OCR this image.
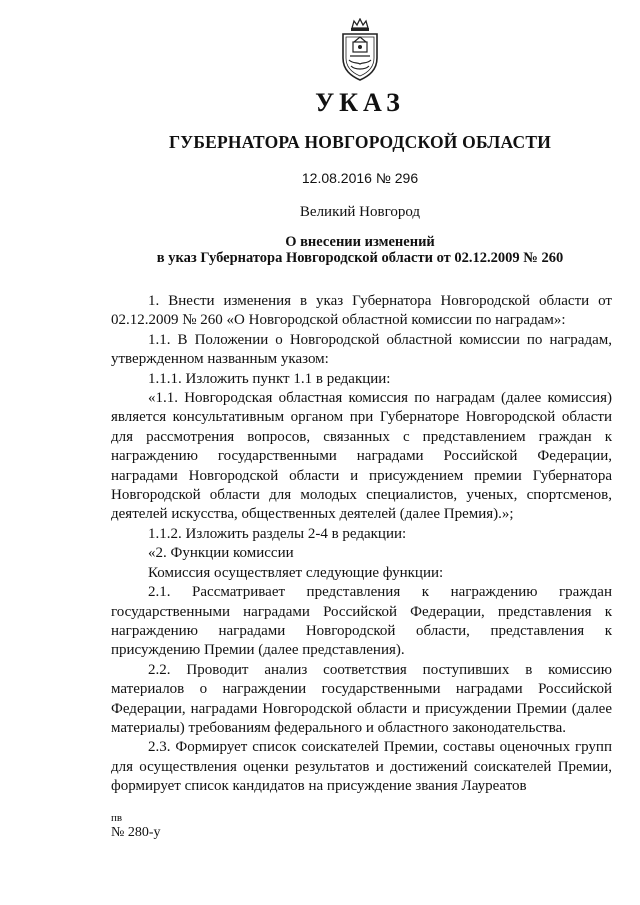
УКАЗ
ГУБЕРНАТОРА НОВГОРОДСКОЙ ОБЛАСТИ
12.08.2016 № 296
Великий Новгород
О внесении изменений
в указ Губернатора Новгородской области от 02.12.2009 № 260

1. Внести изменения в указ Губернатора Новгородской области от 02.12.2009 № 260 «О Новгородской областной комиссии по наградам»:

1.1. В Положении о Новгородской областной комиссии по наградам, утвержденном названным указом:

1.1.1. Изложить пункт 1.1 в редакции:

«1.1. Новгородская областная комиссия по наградам (далее комиссия) является консультативным органом при Губернаторе Новгородской области для рассмотрения вопросов, связанных с представлением граждан к награждению государственными наградами Российской Федерации, наградами Новгородской области и присуждением премии Губернатора Новгородской области для молодых специалистов, ученых, спортсменов, деятелей искусства, общественных деятелей (далее Премия).»;

1.1.2. Изложить разделы 2-4 в редакции:

«2. Функции комиссии

Комиссия осуществляет следующие функции:

2.1. Рассматривает представления к награждению граждан государственными наградами Российской Федерации, представления к награждению наградами Новгородской области, представления к присуждению Премии (далее представления).

2.2. Проводит анализ соответствия поступивших в комиссию материалов о награждении государственными наградами Российской Федерации, наградами Новгородской области и присуждении Премии (далее материалы) требованиям федерального и областного законодательства.

2.3. Формирует список соискателей Премии, составы оценочных групп для осуществления оценки результатов и достижений соискателей Премии, формирует список кандидатов на присуждение звания Лауреатов

пв
№ 280-у
